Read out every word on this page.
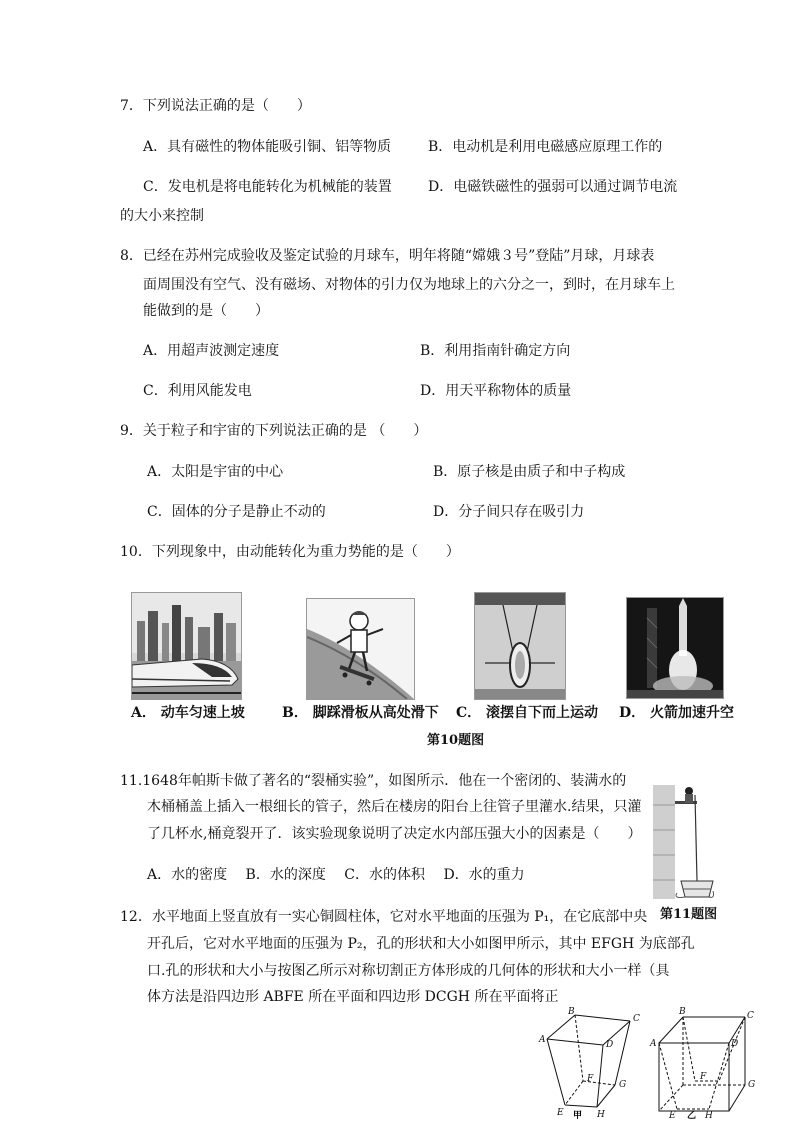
7．下列说法正确的是（　　）
A．具有磁性的物体能吸引铜、铝等物质	B．电动机是利用电磁感应原理工作的
C．发电机是将电能转化为机械能的装置	D．电磁铁磁性的强弱可以通过调节电流
的大小来控制
8．已经在苏州完成验收及鉴定试验的月球车，明年将随“嫦娥３号”登陆”月球，月球表
面周围没有空气、没有磁场、对物体的引力仅为地球上的六分之一，到时，在月球车上
能做到的是（　　）
A．用超声波测定速度	B．利用指南针确定方向
C．利用风能发电	D．用天平称物体的质量
9．关于粒子和宇宙的下列说法正确的是 （　　）
A．太阳是宇宙的中心	B．原子核是由质子和中子构成
C．固体的分子是静止不动的	D．分子间只存在吸引力
10．下列现象中，由动能转化为重力势能的是（　　）
A． 动车匀速上坡	B． 脚踩滑板从高处滑下 C． 滚摆自下而上运动 D． 火箭加速升空
第10题图
11.1648年帕斯卡做了著名的“裂桶实验”，如图所示．他在一个密闭的、装满水的
木桶桶盖上插入一根细长的管子，然后在楼房的阳台上往管子里灌水.结果，只灌
了几杯水,桶竟裂开了．该实验现象说明了决定水内部压强大小的因素是（　　）
A．水的密度　 B．水的深度　 C．水的体积　 D．水的重力
第11题图
12．水平地面上竖直放有一实心铜圆柱体，它对水平地面的压强为 P₁，在它底部中央
开孔后，它对水平地面的压强为 P₂，孔的形状和大小如图甲所示，其中 EFGH 为底部孔
口.孔的形状和大小与按图乙所示对称切割正方体形成的几何体的形状和大小一样（具
体方法是沿四边形 ABFE 所在平面和四边形 DCGH 所在平面将正
B
C
A	D
F
G
E	H
B	C
A	D
F
G
E	H
甲	乙
